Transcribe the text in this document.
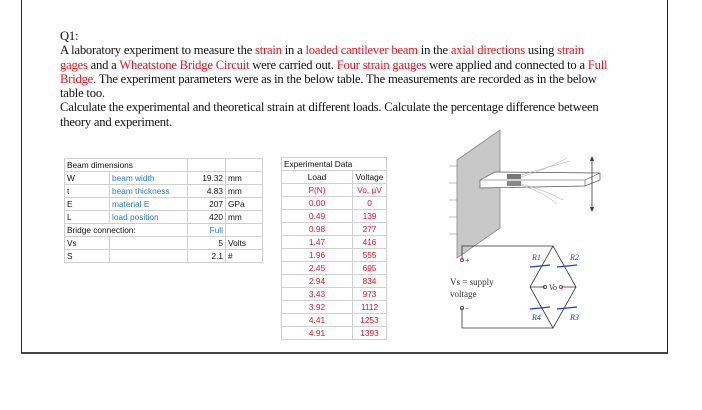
Q1:

A laboratory experiment to measure the strain in a loaded cantilever beam in the axial directions using strain gages and a Wheatstone Bridge Circuit were carried out. Four strain gauges were applied and connected to a Full Bridge. The experiment parameters were as in the below table. The measurements are recorded as in the below table too.

Calculate the experimental and theoretical strain at different loads. Calculate the percentage difference between theory and experiment.

Beam dimensions			
W	beam width	19.32	mm
t	beam thickness	4.83	mm
E	material E	207	GPa
L	load position	420	mm
Bridge connection:		Full	
Vs		5	Volts
S		2.1	#
Experimental Data	
Load	Voltage
P(N)	Vo, µV
0.00	0
0.49	139
0.98	277
1.47	416
1.96	555
2.45	695
2.94	834
3.43	973
3.92	1112
4.41	1253
4.91	1393
R1	R2
R3
R4
+
−
Vs = supply
voltage
Vo
